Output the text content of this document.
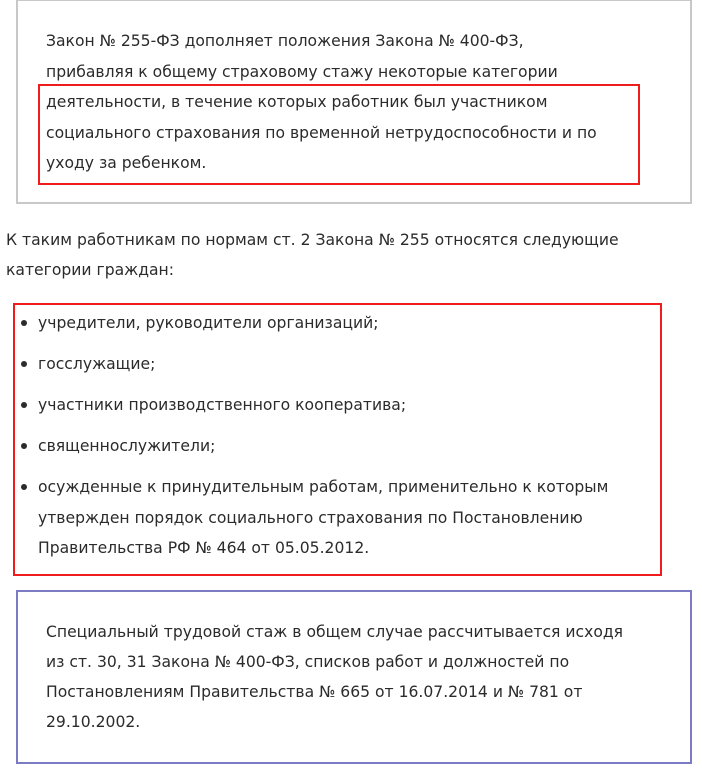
Закон № 255-ФЗ дополняет положения Закона № 400-ФЗ,
прибавляя к общему страховому стажу некоторые категории
деятельности, в течение которых работник был участником
социального страхования по временной нетрудоспособности и по
уходу за ребенком.
К таким работникам по нормам ст. 2 Закона № 255 относятся следующие
категории граждан:
учредители, руководители организаций;
госслужащие;
участники производственного кооператива;
священнослужители;
осужденные к принудительным работам, применительно к которым
утвержден порядок социального страхования по Постановлению
Правительства РФ № 464 от 05.05.2012.
Специальный трудовой стаж в общем случае рассчитывается исходя
из ст. 30, 31 Закона № 400-ФЗ, списков работ и должностей по
Постановлениям Правительства № 665 от 16.07.2014 и № 781 от
29.10.2002.
